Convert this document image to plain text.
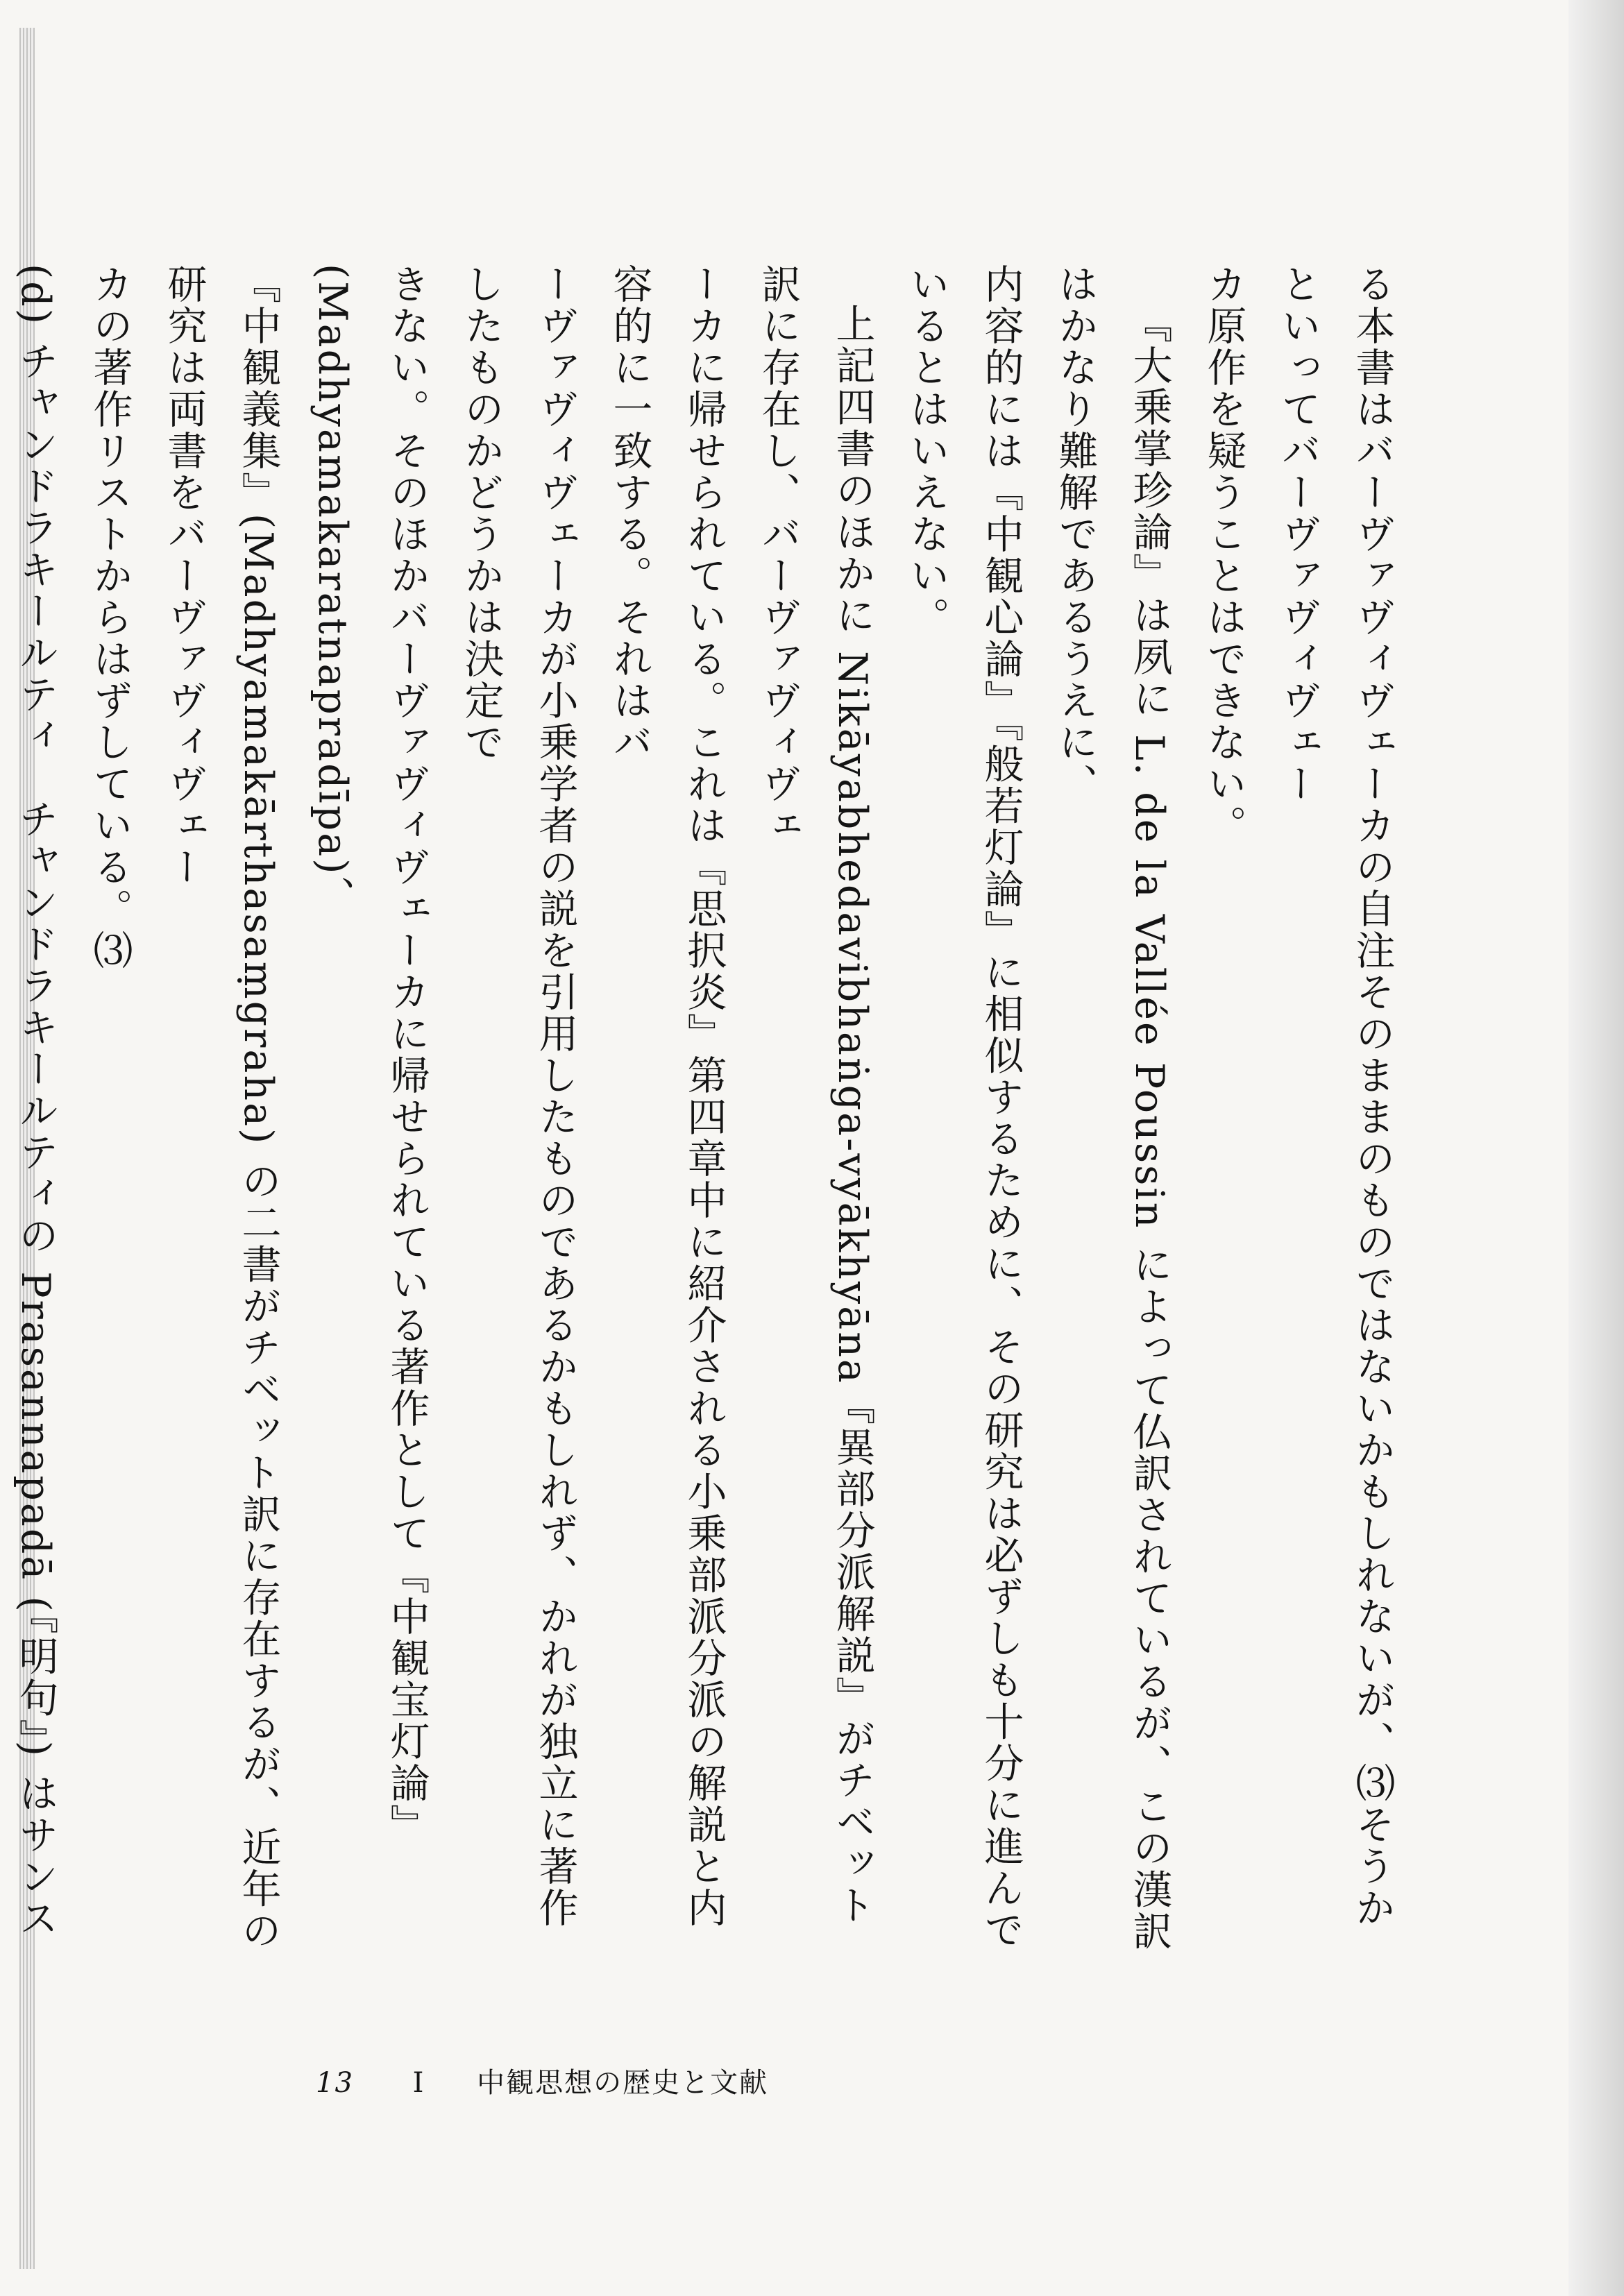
る本書はバーヴァヴィヴェーカの自注そのままのものではないかもしれないが、⑶そうかといってバーヴァヴィヴェー

カ原作を疑うことはできない。

『大乗掌珍論』は夙に L. de la Vallée Poussin によって仏訳されているが、この漢訳はかなり難解であるうえに、

内容的には『中観心論』『般若灯論』に相似するために、その研究は必ずしも十分に進んでいるとはいえない。

上記四書のほかに Nikāyabhedavibhaṅga-vyākhyāna『異部分派解説』がチベット訳に存在し、バーヴァヴィヴェ

ーカに帰せられている。これは『思択炎』第四章中に紹介される小乗部派分派の解説と内容的に一致する。それはバ

ーヴァヴィヴェーカが小乗学者の説を引用したものであるかもしれず、かれが独立に著作したものかどうかは決定で

きない。そのほかバーヴァヴィヴェーカに帰せられている著作として『中観宝灯論』(Madhyamakaratnapradīpa)、

『中観義集』(Madhyamakārthasaṃgraha) の二書がチベット訳に存在するが、近年の研究は両書をバーヴァヴィヴェー

カの著作リストからはずしている。⑶

(d) チャンドラキールティ　チャンドラキールティの Prasannapadā (『明句』) はサンス

13 I 中観思想の歴史と文献
